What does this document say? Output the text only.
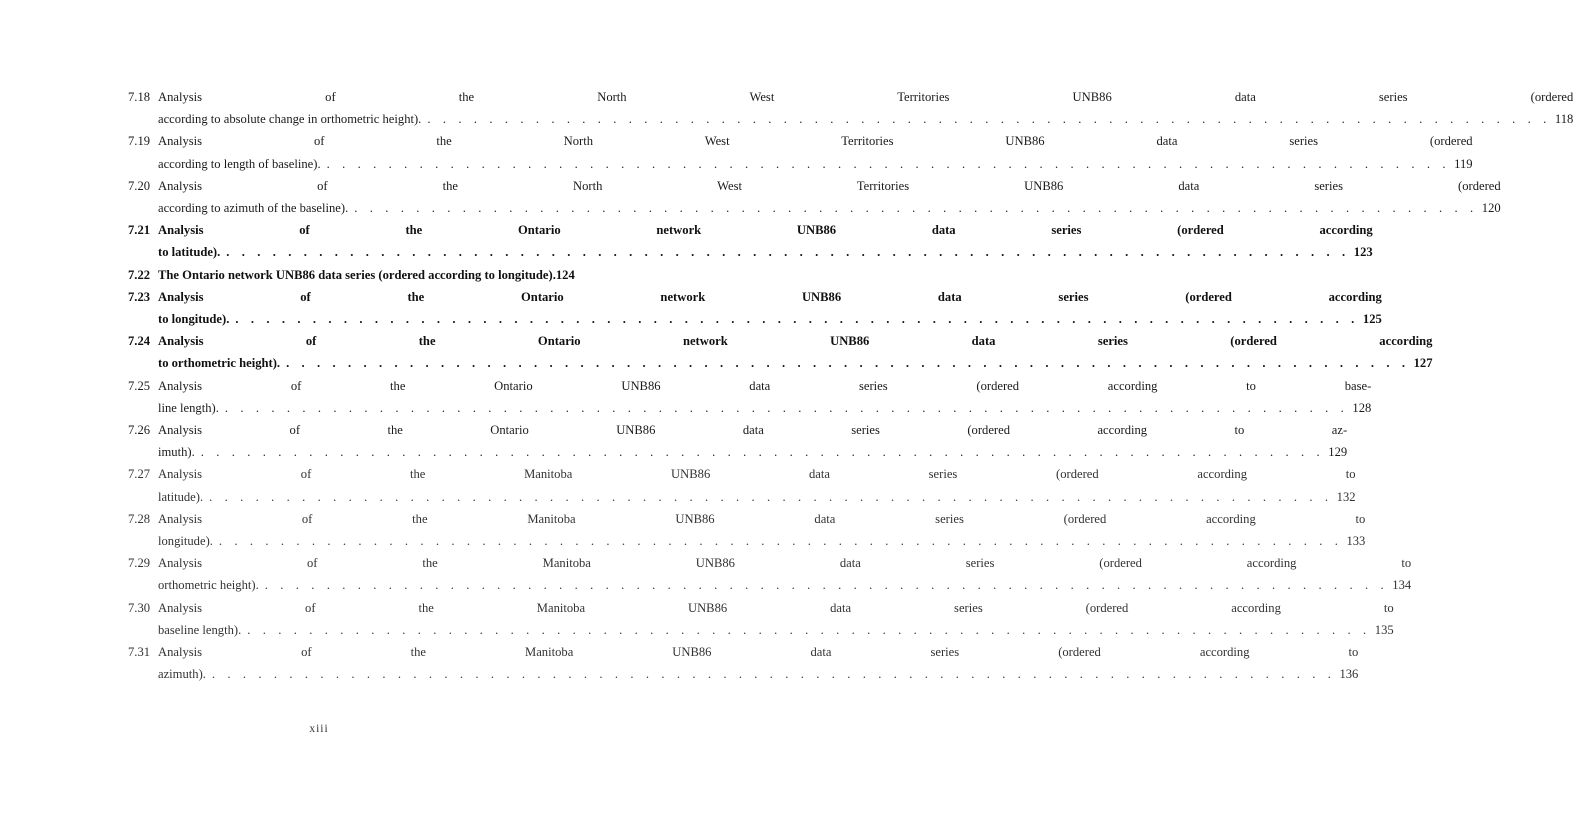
7.18 Analysis of the North West Territories UNB86 data series (ordered
according to absolute change in orthometric height). . . .	118
7.19 Analysis of the North West Territories UNB86 data series (ordered
according to length of baseline). . . .	119
7.20 Analysis of the North West Territories UNB86 data series (ordered
according to azimuth of the baseline). . . .	120
7.21 Analysis of the Ontario network UNB86 data series (ordered according
to latitude). . . .	123
7.22 The Ontario network UNB86 data series (ordered according to longitude). 124
7.23 Analysis of the Ontario network UNB86 data series (ordered according
to longitude). . . .	125
7.24 Analysis of the Ontario network UNB86 data series (ordered according
to orthometric height). . . .	127
7.25 Analysis of the Ontario UNB86 data series (ordered according to base-
line length). . . .	128
7.26 Analysis of the Ontario UNB86 data series (ordered according to az-
imuth). . . .	129
7.27 Analysis of the Manitoba UNB86 data series (ordered according to
latitude). . . .	132
7.28 Analysis of the Manitoba UNB86 data series (ordered according to
longitude). . . .	133
7.29 Analysis of the Manitoba UNB86 data series (ordered according to
orthometric height). . . .	134
7.30 Analysis of the Manitoba UNB86 data series (ordered according to
baseline length). . . .	135
7.31 Analysis of the Manitoba UNB86 data series (ordered according to
azimuth). . . .	136
xiii
